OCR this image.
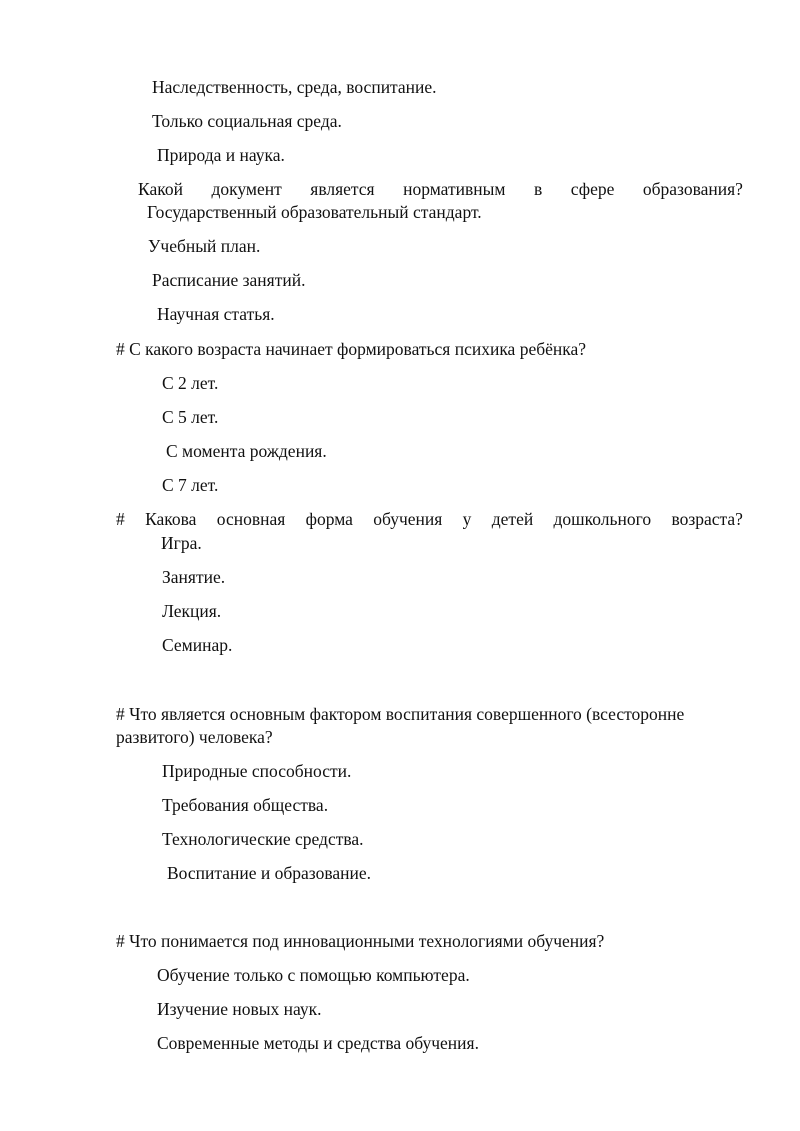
Наследственность, среда, воспитание.

Только социальная среда.

Природа и наука.

Какой документ является нормативным в сфере образования?

Государственный образовательный стандарт.

Учебный план.

Расписание занятий.

Научная статья.

# С какого возраста начинает формироваться психика ребёнка?

С 2 лет.

С 5 лет.

С момента рождения.

С 7 лет.

# Какова основная форма обучения у детей дошкольного возраста?

Игра.

Занятие.

Лекция.

Семинар.

# Что является основным фактором воспитания совершенного (всесторонне развитого) человека?

Природные способности.

Требования общества.

Технологические средства.

Воспитание и образование.

# Что понимается под инновационными технологиями обучения?

Обучение только с помощью компьютера.

Изучение новых наук.

Современные методы и средства обучения.
